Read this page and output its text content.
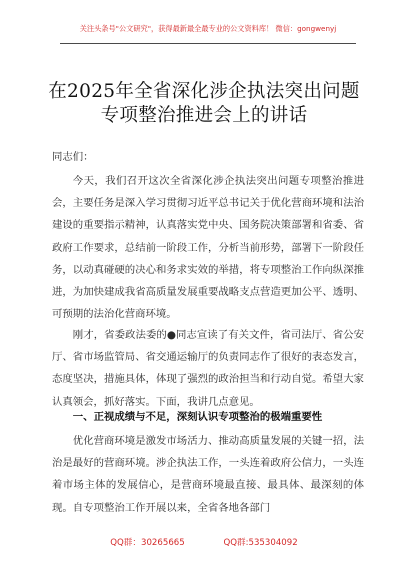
关注头条号"公文研究"，获得最新最全最专业的公文资料库！ 微信：gongwenyj
在2025年全省深化涉企执法突出问题
专项整治推进会上的讲话
同志们：

今天，我们召开这次全省深化涉企执法突出问题专项整治推进会，主要任务是深入学习贯彻习近平总书记关于优化营商环境和法治建设的重要指示精神，认真落实党中央、国务院决策部署和省委、省政府工作要求，总结前一阶段工作，分析当前形势，部署下一阶段任务，以动真碰硬的决心和务求实效的举措，将专项整治工作向纵深推进，为加快建成我省高质量发展重要战略支点营造更加公平、透明、可预期的法治化营商环境。

刚才，省委政法委的●同志宣读了有关文件，省司法厅、省公安厅、省市场监管局、省交通运输厅的负责同志作了很好的表态发言，态度坚决，措施具体，体现了强烈的政治担当和行动自觉。希望大家认真领会，抓好落实。下面，我讲几点意见。

一、正视成绩与不足，深刻认识专项整治的极端重要性

优化营商环境是激发市场活力、推动高质量发展的关键一招，法治是最好的营商环境。涉企执法工作，一头连着政府公信力，一头连着市场主体的发展信心，是营商环境最直接、最具体、最深刻的体现。自专项整治工作开展以来，全省各地各部门

QQ群：30265665	QQ群:535304092
